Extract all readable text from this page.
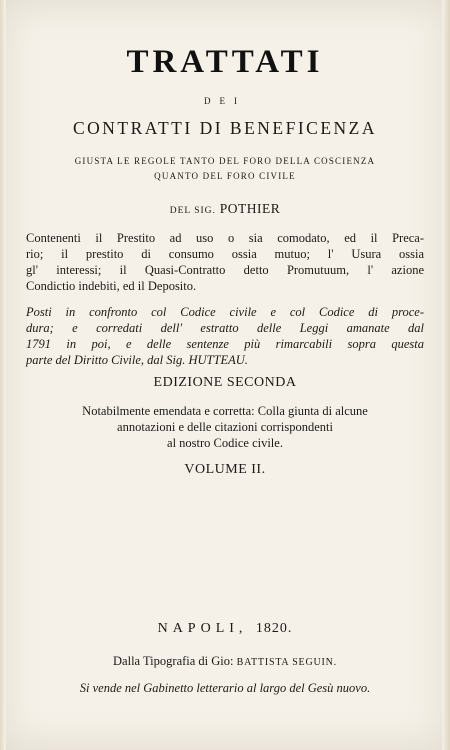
TRATTATI
DEI
CONTRATTI DI BENEFICENZA
GIUSTA LE REGOLE TANTO DEL FORO DELLA COSCIENZA
QUANTO DEL FORO CIVILE
DEL SIG. POTHIER
Contenenti il Prestito ad uso o sia comodato, ed il Preca-
rio; il prestito di consumo ossia mutuo; l' Usura ossia
gl' interessi; il Quasi-Contratto detto Promutuum, l' azione
Condictio indebiti, ed il Deposito.
Posti in confronto col Codice civile e col Codice di proce-
dura; e corredati dell' estratto delle Leggi amanate dal
1791 in poi, e delle sentenze più rimarcabili sopra questa
parte del Diritto Civile, dal Sig. HUTTEAU.
EDIZIONE SECONDA
Notabilmente emendata e corretta: Colla giunta di alcune
annotazioni e delle citazioni corrispondenti
al nostro Codice civile.
VOLUME II.
NAPOLI, 1820.
Dalla Tipografia di Gio: BATTISTA SEGUIN.
Si vende nel Gabinetto letterario al largo del Gesù nuovo.
